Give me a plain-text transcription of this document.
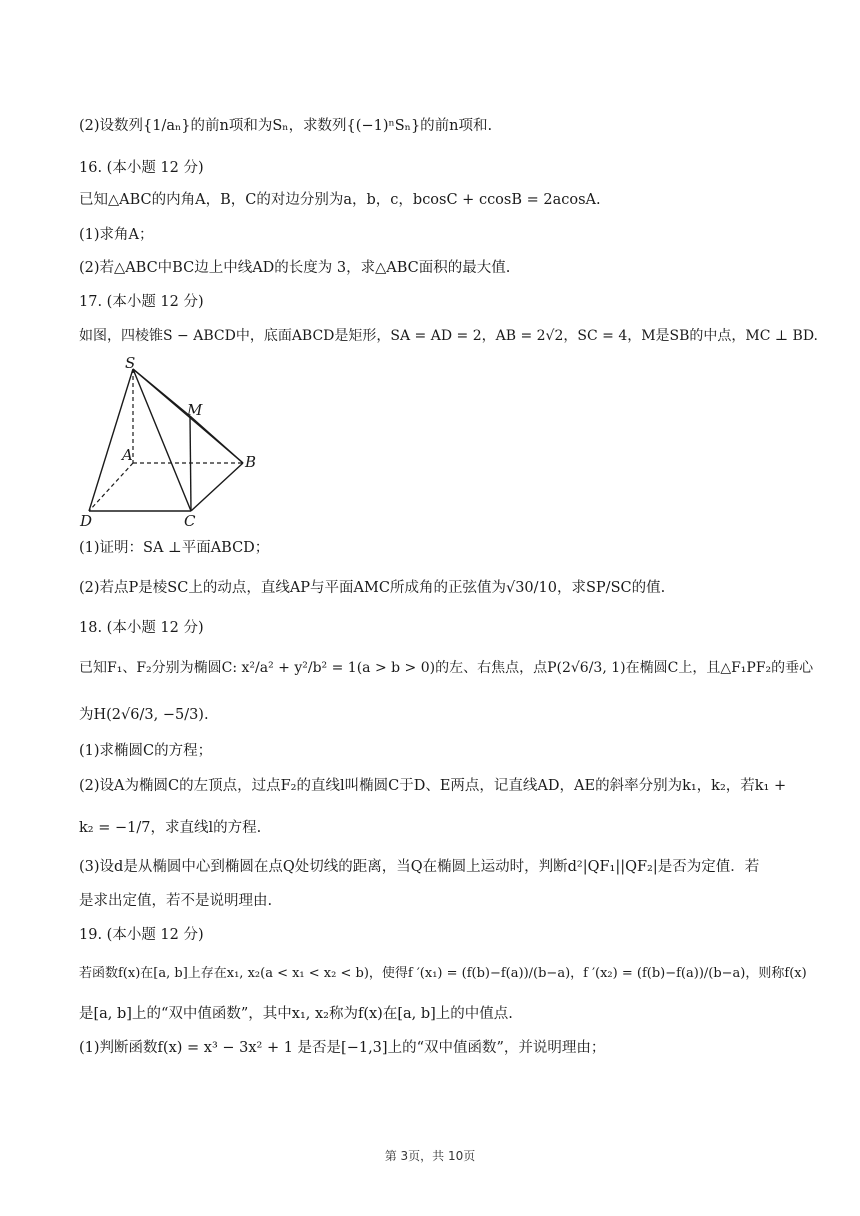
(2)设数列{1/aₙ}的前n项和为Sₙ，求数列{(−1)ⁿSₙ}的前n项和.
16. (本小题 12 分)
已知△ABC的内角A，B，C的对边分别为a，b，c，bcosC + ccosB = 2acosA.
(1)求角A；
(2)若△ABC中BC边上中线AD的长度为 3，求△ABC面积的最大值.
17. (本小题 12 分)
如图，四棱锥S − ABCD中，底面ABCD是矩形，SA = AD = 2，AB = 2√2，SC = 4，M是SB的中点，MC ⊥ BD.
S
M
A	B
D	C
(1)证明：SA ⊥平面ABCD；
(2)若点P是棱SC上的动点，直线AP与平面AMC所成角的正弦值为√30/10，求SP/SC的值.
18. (本小题 12 分)
已知F₁、F₂分别为椭圆C: x²/a² + y²/b² = 1(a > b > 0)的左、右焦点，点P(2√6/3, 1)在椭圆C上，且△F₁PF₂的垂心
为H(2√6/3, −5/3).
(1)求椭圆C的方程；
(2)设A为椭圆C的左顶点，过点F₂的直线l叫椭圆C于D、E两点，记直线AD，AE的斜率分别为k₁，k₂，若k₁ +
k₂ = −1/7，求直线l的方程.
(3)设d是从椭圆中心到椭圆在点Q处切线的距离，当Q在椭圆上运动时，判断d²|QF₁||QF₂|是否为定值．若
是求出定值，若不是说明理由.
19. (本小题 12 分)
若函数f(x)在[a, b]上存在x₁, x₂(a < x₁ < x₂ < b)，使得f ′(x₁) = (f(b)−f(a))/(b−a)，f ′(x₂) = (f(b)−f(a))/(b−a)，则称f(x)
是[a, b]上的“双中值函数”，其中x₁, x₂称为f(x)在[a, b]上的中值点.
(1)判断函数f(x) = x³ − 3x² + 1 是否是[−1,3]上的“双中值函数”，并说明理由；
第 3页，共 10页
